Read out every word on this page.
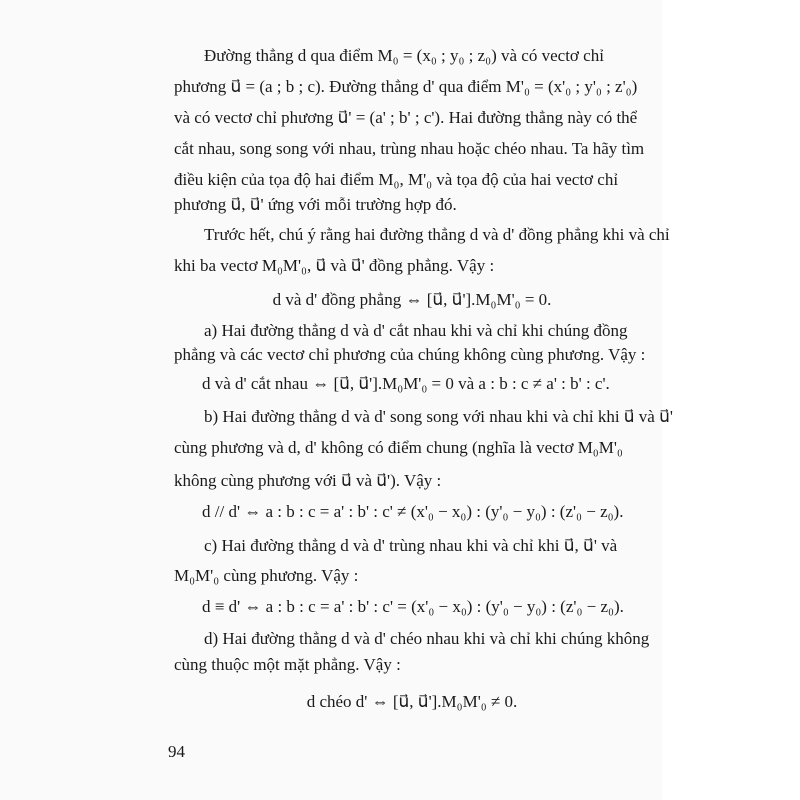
Đường thẳng d qua điểm M₀ = (x₀ ; y₀ ; z₀) và có vectơ chỉ
phương u⃗ = (a ; b ; c). Đường thẳng d' qua điểm M'₀ = (x'₀ ; y'₀ ; z'₀)
và có vectơ chỉ phương u⃗' = (a' ; b' ; c'). Hai đường thẳng này có thể
cắt nhau, song song với nhau, trùng nhau hoặc chéo nhau. Ta hãy tìm
điều kiện của tọa độ hai điểm M₀, M'₀ và tọa độ của hai vectơ chỉ
phương u⃗, u⃗' ứng với mỗi trường hợp đó.
Trước hết, chú ý rằng hai đường thẳng d và d' đồng phẳng khi và chỉ
khi ba vectơ M₀M'₀, u⃗ và u⃗' đồng phẳng. Vậy :
d và d' đồng phẳng ⇔ [u⃗, u⃗'].M₀M'₀ = 0.
a) Hai đường thẳng d và d' cắt nhau khi và chỉ khi chúng đồng
phẳng và các vectơ chỉ phương của chúng không cùng phương. Vậy :
d và d' cắt nhau ⇔ [u⃗, u⃗'].M₀M'₀ = 0 và a : b : c ≠ a' : b' : c'.
b) Hai đường thẳng d và d' song song với nhau khi và chỉ khi u⃗ và u⃗'
cùng phương và d, d' không có điểm chung (nghĩa là vectơ M₀M'₀
không cùng phương với u⃗ và u⃗'). Vậy :
d // d' ⇔ a : b : c = a' : b' : c' ≠ (x'₀ − x₀) : (y'₀ − y₀) : (z'₀ − z₀).
c) Hai đường thẳng d và d' trùng nhau khi và chỉ khi u⃗, u⃗' và
M₀M'₀ cùng phương. Vậy :
d ≡ d' ⇔ a : b : c = a' : b' : c' = (x'₀ − x₀) : (y'₀ − y₀) : (z'₀ − z₀).
d) Hai đường thẳng d và d' chéo nhau khi và chỉ khi chúng không
cùng thuộc một mặt phẳng. Vậy :
d chéo d' ⇔ [u⃗, u⃗'].M₀M'₀ ≠ 0.
94
